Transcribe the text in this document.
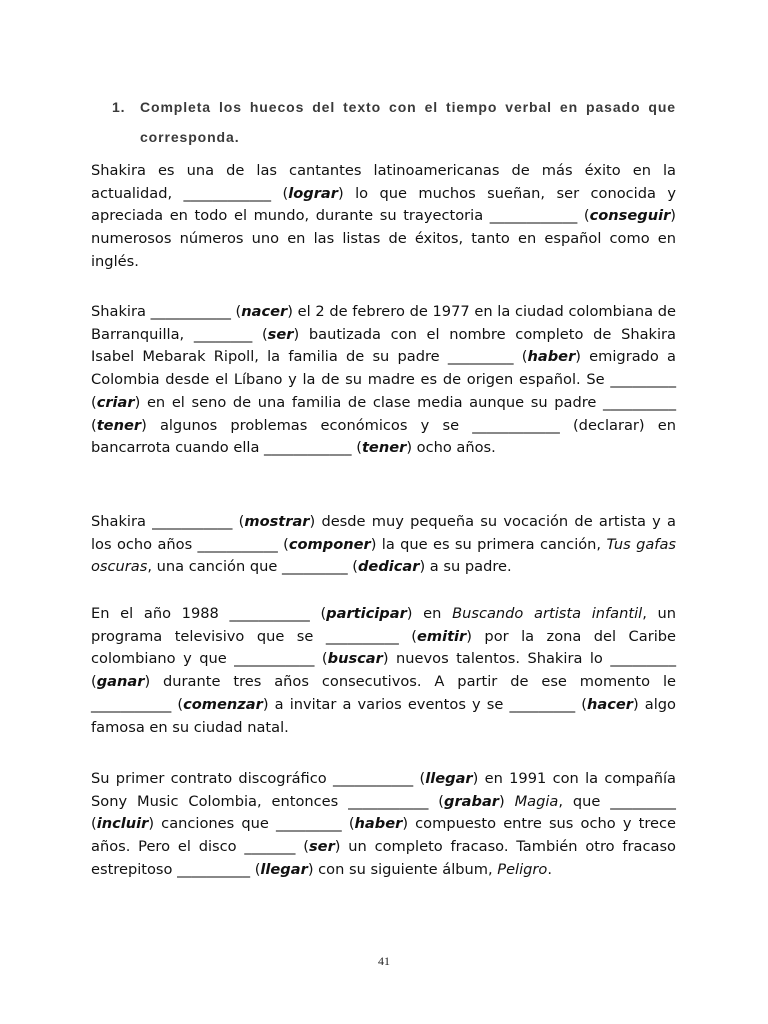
1.	Completa los huecos del texto con el tiempo verbal en pasado que corresponda.
Shakira es una de las cantantes latinoamericanas de más éxito en la actualidad, ____________ (lograr) lo que muchos sueñan, ser conocida y apreciada en todo el mundo, durante su trayectoria ____________ (conseguir) numerosos números uno en las listas de éxitos, tanto en español como en inglés.
Shakira ___________ (nacer) el 2 de febrero de 1977 en la ciudad colombiana de Barranquilla, ________ (ser) bautizada con el nombre completo de Shakira Isabel Mebarak Ripoll, la familia de su padre _________ (haber) emigrado a Colombia desde el Líbano y la de su madre es de origen español. Se _________ (criar) en el seno de una familia de clase media aunque su padre __________ (tener) algunos problemas económicos y se ____________ (declarar) en bancarrota cuando ella ____________ (tener) ocho años.
Shakira ___________ (mostrar) desde muy pequeña su vocación de artista y a los ocho años ___________ (componer) la que es su primera canción, Tus gafas oscuras, una canción que _________ (dedicar) a su padre.
En el año 1988 ___________ (participar) en Buscando artista infantil, un programa televisivo que se __________ (emitir) por la zona del Caribe colombiano y que ___________ (buscar) nuevos talentos. Shakira lo _________ (ganar) durante tres años consecutivos. A partir de ese momento le ___________ (comenzar) a invitar a varios eventos y se _________ (hacer) algo famosa en su ciudad natal.
Su primer contrato discográfico ___________ (llegar) en 1991 con la compañía Sony Music Colombia, entonces ___________ (grabar) Magia, que _________ (incluir) canciones que _________ (haber) compuesto entre sus ocho y trece años. Pero el disco _______ (ser) un completo fracaso. También otro fracaso estrepitoso __________ (llegar) con su siguiente álbum, Peligro.
41
